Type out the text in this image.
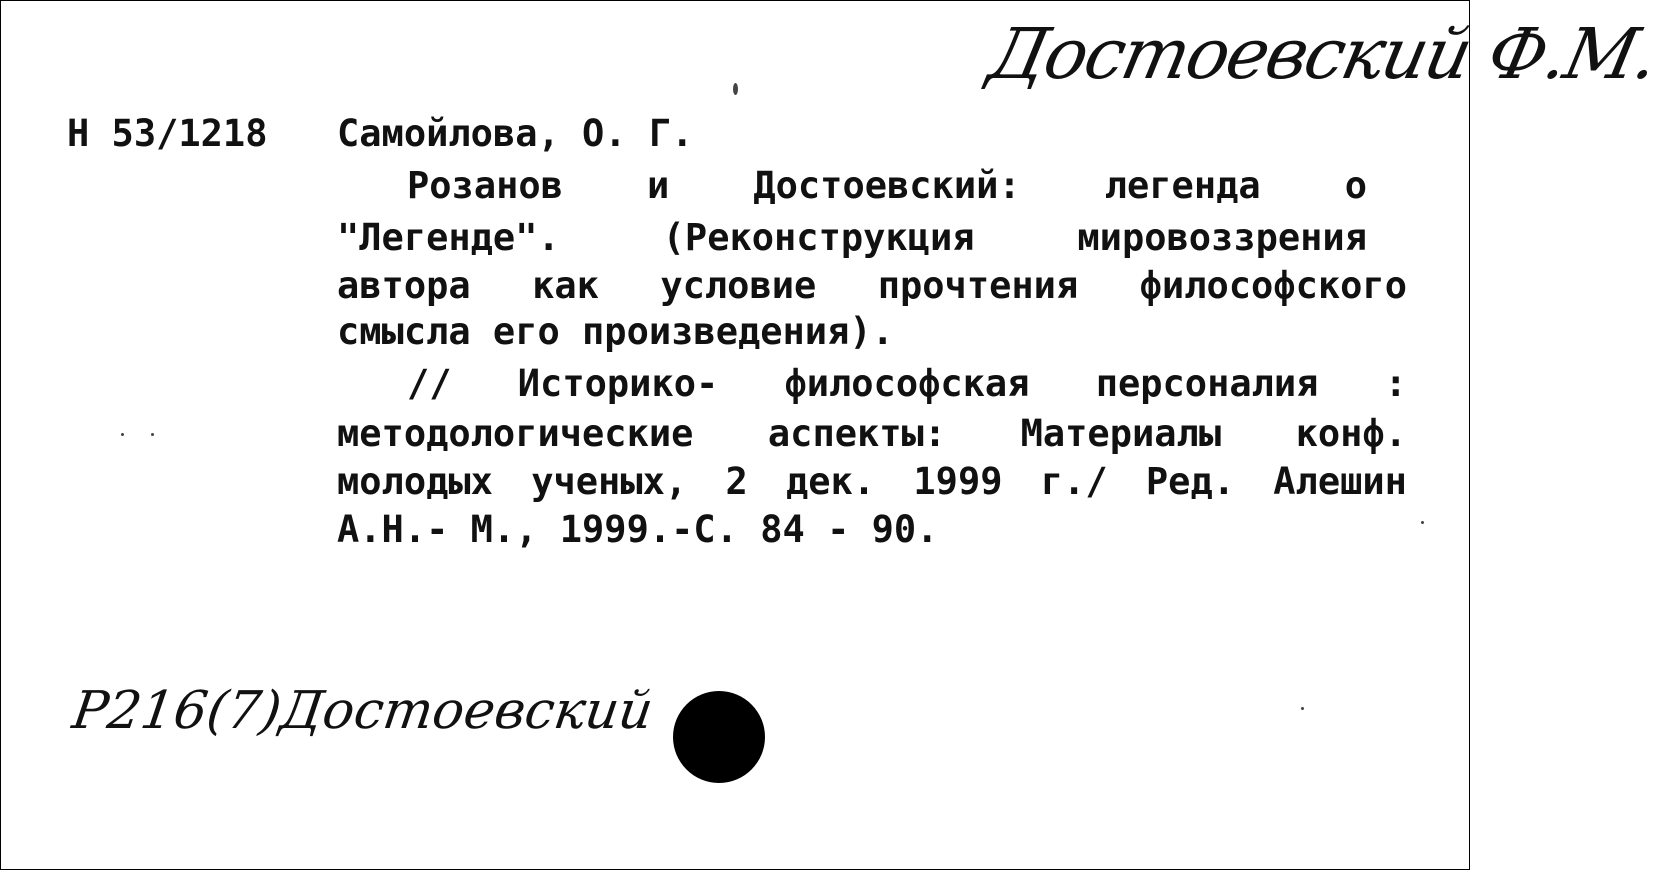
Достоевский Ф.М.
Н 53/1218 Самойлова, О. Г.
Розанов и Достоевский: легенда о
"Легенде".	(Реконструкция	мировоззрения
автора как условие прочтения философского
смысла его произведения).
// Историко- философская персоналия :
методологические аспекты: Материалы конф.
молодых ученых, 2 дек. 1999 г./ Ред. Алешин
А.Н.- М., 1999.-С. 84 - 90.
Р216(7)Достоевский
